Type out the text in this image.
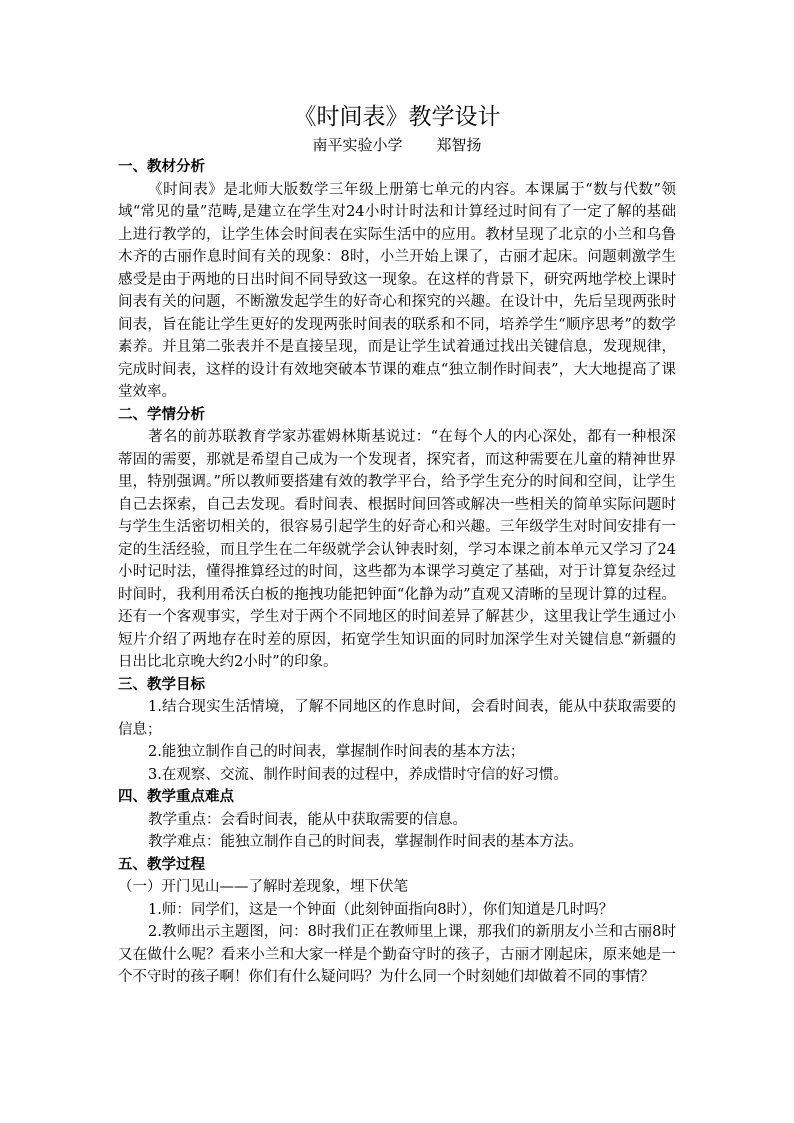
《时间表》教学设计
南平实验小学 郑智扬
一、教材分析

《时间表》是北师大版数学三年级上册第七单元的内容。本课属于“数与代数”领域“常见的量”范畴,是建立在学生对24小时计时法和计算经过时间有了一定了解的基础上进行教学的，让学生体会时间表在实际生活中的应用。教材呈现了北京的小兰和乌鲁木齐的古丽作息时间有关的现象：8时，小兰开始上课了，古丽才起床。问题刺激学生感受是由于两地的日出时间不同导致这一现象。在这样的背景下，研究两地学校上课时间表有关的问题，不断激发起学生的好奇心和探究的兴趣。在设计中，先后呈现两张时间表，旨在能让学生更好的发现两张时间表的联系和不同，培养学生“顺序思考”的数学素养。并且第二张表并不是直接呈现，而是让学生试着通过找出关键信息，发现规律，完成时间表，这样的设计有效地突破本节课的难点“独立制作时间表”，大大地提高了课堂效率。

二、学情分析

著名的前苏联教育学家苏霍姆林斯基说过：“在每个人的内心深处，都有一种根深蒂固的需要，那就是希望自己成为一个发现者，探究者，而这种需要在儿童的精神世界里，特别强调。”所以教师要搭建有效的教学平台，给予学生充分的时间和空间，让学生自己去探索，自己去发现。看时间表、根据时间回答或解决一些相关的简单实际问题时与学生生活密切相关的，很容易引起学生的好奇心和兴趣。三年级学生对时间安排有一定的生活经验，而且学生在二年级就学会认钟表时刻，学习本课之前本单元又学习了24小时记时法，懂得推算经过的时间，这些都为本课学习奠定了基础，对于计算复杂经过时间时，我利用希沃白板的拖拽功能把钟面“化静为动”直观又清晰的呈现计算的过程。还有一个客观事实，学生对于两个不同地区的时间差异了解甚少，这里我让学生通过小短片介绍了两地存在时差的原因，拓宽学生知识面的同时加深学生对关键信息“新疆的日出比北京晚大约2小时”的印象。

三、教学目标

1.结合现实生活情境，了解不同地区的作息时间，会看时间表，能从中获取需要的信息；

2.能独立制作自己的时间表，掌握制作时间表的基本方法；

3.在观察、交流、制作时间表的过程中，养成惜时守信的好习惯。

四、教学重点难点

教学重点：会看时间表，能从中获取需要的信息。

教学难点：能独立制作自己的时间表，掌握制作时间表的基本方法。

五、教学过程
（一）开门见山——了解时差现象，埋下伏笔

1.师：同学们，这是一个钟面（此刻钟面指向8时），你们知道是几时吗？

2.教师出示主题图，问：8时我们正在教师里上课，那我们的新朋友小兰和古丽8时又在做什么呢？看来小兰和大家一样是个勤奋守时的孩子，古丽才刚起床，原来她是一个不守时的孩子啊！你们有什么疑问吗？为什么同一个时刻她们却做着不同的事情？
